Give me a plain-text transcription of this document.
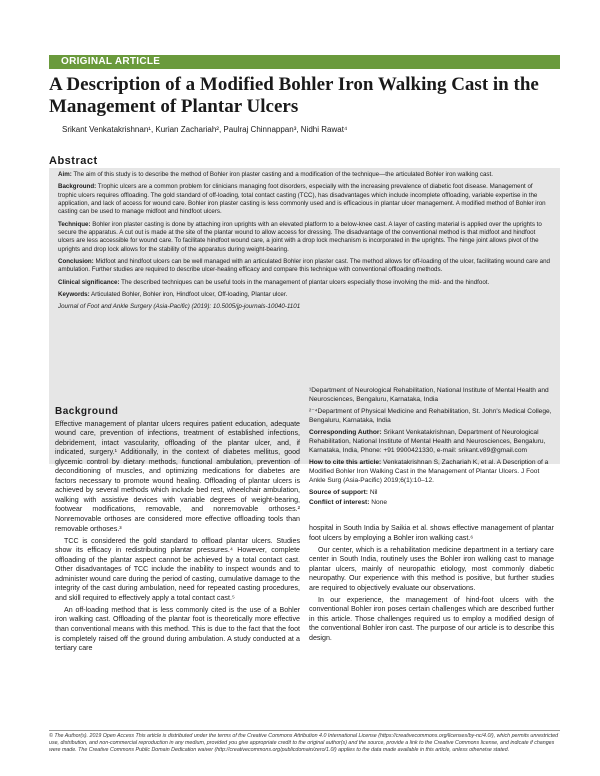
ORIGINAL ARTICLE
A Description of a Modified Bohler Iron Walking Cast in the Management of Plantar Ulcers
Srikant Venkatakrishnan¹, Kurian Zachariah², Paulraj Chinnappan³, Nidhi Rawat⁴
Abstract

Aim: The aim of this study is to describe the method of Bohler iron plaster casting and a modification of the technique—the articulated Bohler iron walking cast.

Background: Trophic ulcers are a common problem for clinicians managing foot disorders, especially with the increasing prevalence of diabetic foot disease. Management of trophic ulcers requires offloading. The gold standard of off-loading, total contact casting (TCC), has disadvantages which include incomplete offloading, variable expertise in the application, and lack of access for wound care. Bohler iron plaster casting is less commonly used and is efficacious in plantar ulcer management. A modified method of Bohler iron casting can be used to manage midfoot and hindfoot ulcers.

Technique: Bohler iron plaster casting is done by attaching iron uprights with an elevated platform to a below-knee cast. A layer of casting material is applied over the uprights to secure the apparatus. A cut out is made at the site of the plantar wound to allow access for dressing. The disadvantage of the conventional method is that midfoot and hindfoot ulcers are less accessible for wound care. To facilitate hindfoot wound care, a joint with a drop lock mechanism is incorporated in the uprights. The hinge joint allows pivot of the uprights and drop lock allows for the stability of the apparatus during weight-bearing.

Conclusion: Midfoot and hindfoot ulcers can be well managed with an articulated Bohler iron plaster cast. The method allows for off-loading of the ulcer, facilitating wound care and ambulation. Further studies are required to describe ulcer-healing efficacy and compare this technique with conventional offloading methods.

Clinical significance: The described techniques can be useful tools in the management of plantar ulcers especially those involving the mid- and the hindfoot.

Keywords: Articulated Bohler, Bohler iron, Hindfoot ulcer, Off-loading, Plantar ulcer.

Journal of Foot and Ankle Surgery (Asia-Pacific) (2019): 10.5005/jp-journals-10040-1101

Background

Effective management of plantar ulcers requires patient education, adequate wound care, prevention of infections, treatment of established infections, debridement, intact vascularity, offloading of the plantar ulcer, and, if indicated, surgery.¹ Additionally, in the context of diabetes mellitus, good glycemic control by dietary methods, functional ambulation, prevention of deconditioning of muscles, and optimizing medications for diabetes are factors necessary to promote wound healing. Offloading of plantar ulcers is achieved by several methods which include bed rest, wheelchair ambulation, walking with assistive devices with variable degrees of weight-bearing, footwear modifications, removable, and nonremovable orthoses.² Nonremovable orthoses are considered more effective offloading tools than removable orthoses.³

TCC is considered the gold standard to offload plantar ulcers. Studies show its efficacy in redistributing plantar pressures.⁴ However, complete offloading of the plantar aspect cannot be achieved by a total contact cast. Other disadvantages of TCC include the inability to inspect wounds and to administer wound care during the period of casting, cumulative damage to the integrity of the cast during ambulation, need for repeated casting procedures, and skill required to effectively apply a total contact cast.⁵

An off-loading method that is less commonly cited is the use of a Bohler iron walking cast. Offloading of the plantar foot is theoretically more effective than conventional means with this method. This is due to the fact that the foot is completely raised off the ground during ambulation. A study conducted at a tertiary care

¹Department of Neurological Rehabilitation, National Institute of Mental Health and Neurosciences, Bengaluru, Karnataka, India

²⁻⁴Department of Physical Medicine and Rehabilitation, St. John's Medical College, Bengaluru, Karnataka, India

Corresponding Author: Srikant Venkatakrishnan, Department of Neurological Rehabilitation, National Institute of Mental Health and Neurosciences, Bengaluru, Karnataka, India, Phone: +91 9900421330, e-mail: srikant.v89@gmail.com

How to cite this article: Venkatakrishnan S, Zachariah K, et al. A Description of a Modified Bohler Iron Walking Cast in the Management of Plantar Ulcers. J Foot Ankle Surg (Asia-Pacific) 2019;6(1):10–12.

Source of support: Nil

Conflict of interest: None

hospital in South India by Saikia et al. shows effective management of plantar foot ulcers by employing a Bohler iron walking cast.⁶

Our center, which is a rehabilitation medicine department in a tertiary care center in South India, routinely uses the Bohler iron walking cast to manage plantar ulcers, mainly of neuropathic etiology, most commonly diabetic neuropathy. Our experience with this method is positive, but further studies are required to objectively evaluate our observations.

In our experience, the management of hind-foot ulcers with the conventional Bohler iron poses certain challenges which are described further in this article. Those challenges required us to employ a modified design of the conventional Bohler iron cast. The purpose of our article is to describe this design.

© The Author(s). 2019 Open Access This article is distributed under the terms of the Creative Commons Attribution 4.0 International License (https://creativecommons.org/licenses/by-nc/4.0/), which permits unrestricted use, distribution, and non-commercial reproduction in any medium, provided you give appropriate credit to the original author(s) and the source, provide a link to the Creative Commons license, and indicate if changes were made. The Creative Commons Public Domain Dedication waiver (http://creativecommons.org/publicdomain/zero/1.0/) applies to the data made available in this article, unless otherwise stated.
